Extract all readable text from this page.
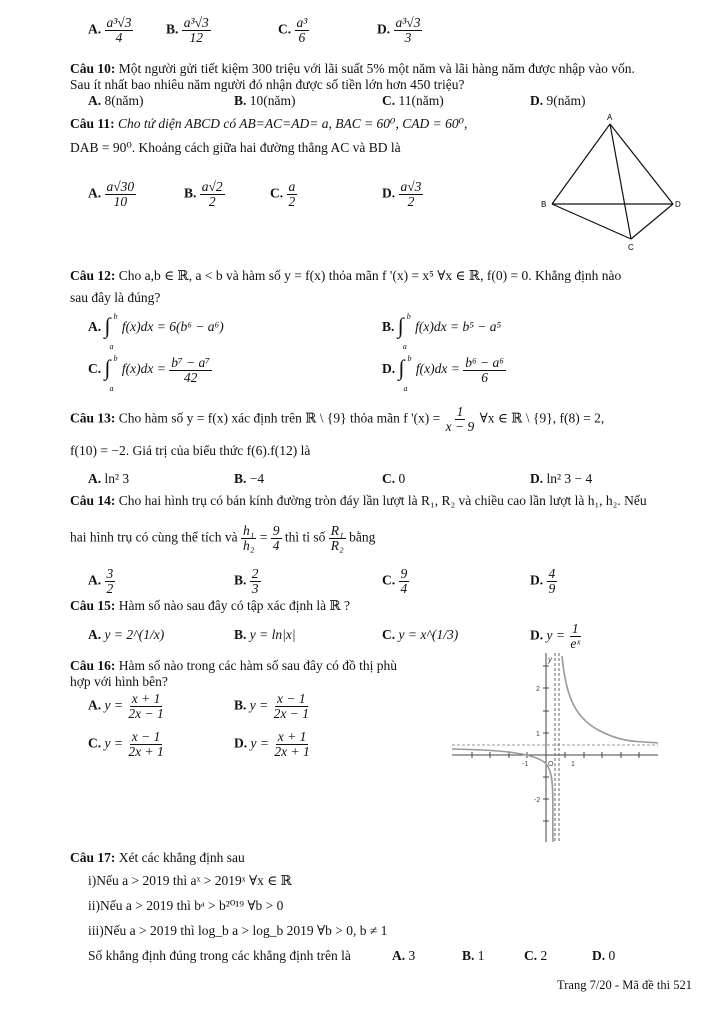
A. $\frac{\text{a³√3}}{4} B$. $\frac{\text{a³√3}}{12}$	C. $\frac{\text{a³}}{6}$	D. $\frac{\text{a³√3}}{3}$
Câu 10: Một người gửi tiết kiệm 300 triệu với lãi suất 5% một năm và lãi hàng năm được nhập vào vốn.
Sau ít nhất bao nhiêu năm người đó nhận được số tiền lớn hơn 450 triệu?
A. 8(năm)	B. 10(năm)	C. 11(năm)	D. 9(năm)
Câu 11: Cho tứ diện ABCD có AB=AC=AD= a, BAC = 60⁰, CAD = 60⁰,
DAB = 90⁰. Khoảng cách giữa hai đường thẳng AC và BD là
A. $\frac{a√30}{10}$	B. $\frac{a√2}{2}$	C. $\frac{a}{2}$	D. $\frac{a√3}{2}$
A
B	D
C
Câu 12: Cho a,b ∈ ℝ, a < b và hàm số y = f(x) thỏa mãn f '(x) = x⁵ ∀x ∈ ℝ, f(0) = 0. Khẳng định nào
sau đây là đúng?
A. ∫ b
a
f(x)dx = 6(b⁶ − a⁶)	B. ∫ b
a
f(x)dx = b⁵ − a⁵
C. ∫ b
a
$f(x)dx = \frac{\text{b⁷ − a⁷}}{42}$	D. ∫ b
a
$f(x)dx = \frac{\text{b⁶ − a⁶}}{6}$
Câu 13: Cho hàm số y = f(x) xác định trên ℝ \ {9} thỏa mãn f '$(x) = \frac{1}{x - 9}$ ∀x ∈ ℝ \ {9}, f(8) = 2,
f(10) = −2. Giá trị của biểu thức f(6).f(12) là
A. ln² 3	B. −4	C. 0	D. ln² 3 − 4
Câu 14: Cho hai hình trụ có bán kính đường tròn đáy lần lượt là R₁, R₂ và chiều cao lần lượt là h₁, h₂. Nếu
hai hình trụ có cùng thể tích và $\frac{\text{h₁}}{\text{h₂}} = \frac{9}{4}$ thì tỉ số $\frac{\text{R₁}}{\text{R₂}}$ bằng
A. $\frac{3}{2}$	B. $\frac{2}{3}$	C. $\frac{9}{4}$	D. $\frac{4}{9}$
Câu 15: Hàm số nào sau đây có tập xác định là ℝ ?
A. y = 2^(1/x)	B. y = ln|x|	C. y = x^(1/3)	D. $y = \frac{1}{\text{eˣ}}$
Câu 16: Hàm số nào trong các hàm số sau đây có đồ thị phù
hợp với hình bên?
A. $y = \frac{x + 1}{2x - 1}$	B. $y = \frac{x - 1}{2x - 1}$
C. $y = \frac{x - 1}{2x + 1}$	D. $y = \frac{x + 1}{2x + 1}$
y
2
1
O	1
-1
-2
Câu 17: Xét các khẳng định sau
i)Nếu a > 2019 thì aˣ > 2019ˣ ∀x ∈ ℝ
ii)Nếu a > 2019 thì bᵃ > b²⁰¹⁹ ∀b > 0
iii)Nếu a > 2019 thì log_b a > log_b 2019 ∀b > 0, b ≠ 1
Số khẳng định đúng trong các khẳng định trên là	A. 3	B. 1	C. 2	D. 0
Trang 7/20 - Mã đề thi 521
